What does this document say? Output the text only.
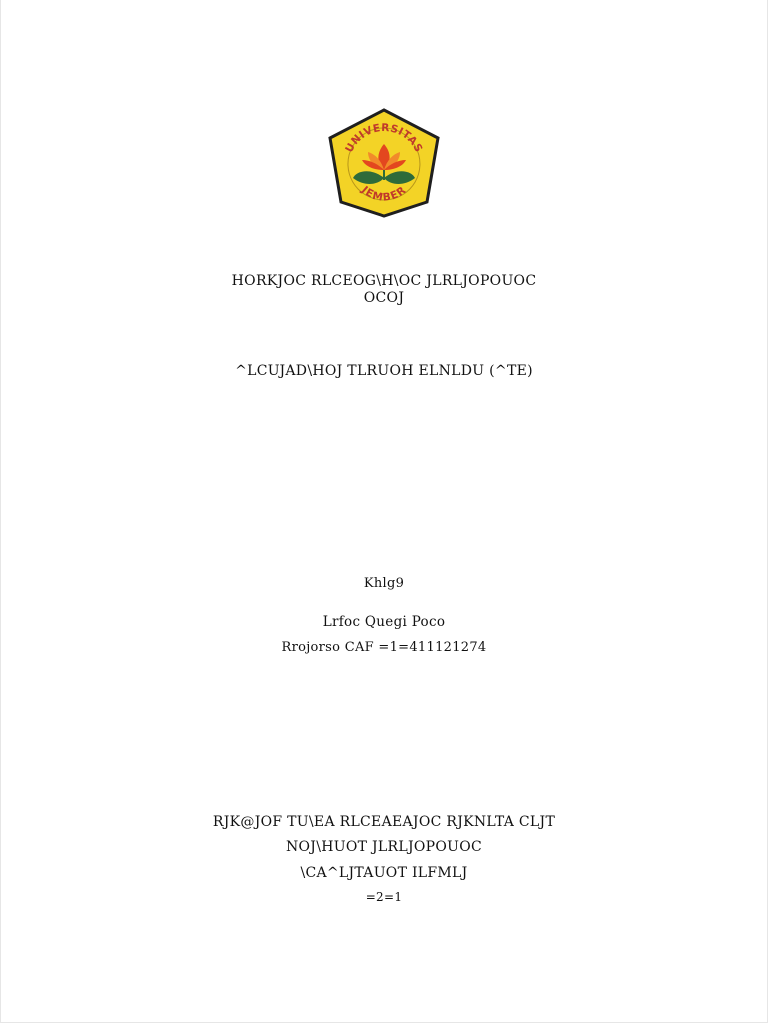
UNIVERSITAS
JEMBER
HORKJOC RLCEOG\H\OC JLRLJOPOUOC
OCOJ
^LCUJAD\HOJ TLRUOH ELNLDU (^TE)
Khlg9
Lrfoc Quegi Poco
Rrojorso CAF =1=411121274
RJK@JOF TU\EA RLCEAEAJOC RJKNLTA CLJT
NOJ\HUOT JLRLJOPOUOC
\CA^LJTAUOT ILFMLJ
=2=1
